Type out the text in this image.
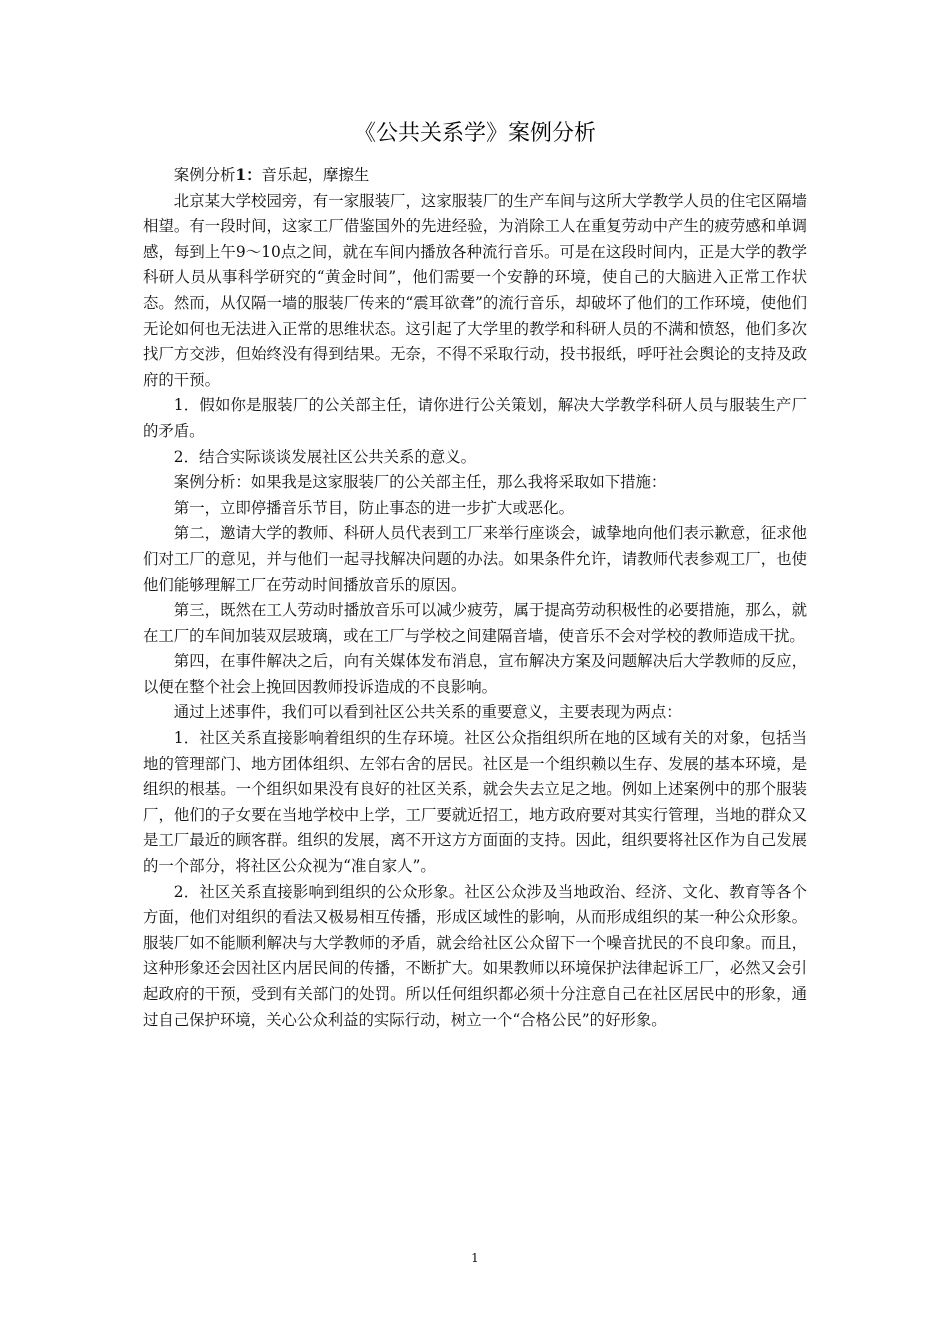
《公共关系学》案例分析

案例分析1：音乐起，摩擦生

北京某大学校园旁，有一家服装厂，这家服装厂的生产车间与这所大学教学人员的住宅区隔墙相望。有一段时间，这家工厂借鉴国外的先进经验，为消除工人在重复劳动中产生的疲劳感和单调感，每到上午9～10点之间，就在车间内播放各种流行音乐。可是在这段时间内，正是大学的教学科研人员从事科学研究的“黄金时间”，他们需要一个安静的环境，使自己的大脑进入正常工作状态。然而，从仅隔一墙的服装厂传来的“震耳欲聋”的流行音乐，却破坏了他们的工作环境，使他们无论如何也无法进入正常的思维状态。这引起了大学里的教学和科研人员的不满和愤怒，他们多次找厂方交涉，但始终没有得到结果。无奈，不得不采取行动，投书报纸，呼吁社会舆论的支持及政府的干预。

1．假如你是服装厂的公关部主任，请你进行公关策划，解决大学教学科研人员与服装生产厂的矛盾。

2．结合实际谈谈发展社区公共关系的意义。

案例分析：如果我是这家服装厂的公关部主任，那么我将采取如下措施：

第一，立即停播音乐节目，防止事态的进一步扩大或恶化。

第二，邀请大学的教师、科研人员代表到工厂来举行座谈会，诚挚地向他们表示歉意，征求他们对工厂的意见，并与他们一起寻找解决问题的办法。如果条件允许，请教师代表参观工厂，也使他们能够理解工厂在劳动时间播放音乐的原因。

第三，既然在工人劳动时播放音乐可以减少疲劳，属于提高劳动积极性的必要措施，那么，就在工厂的车间加装双层玻璃，或在工厂与学校之间建隔音墙，使音乐不会对学校的教师造成干扰。

第四，在事件解决之后，向有关媒体发布消息，宣布解决方案及问题解决后大学教师的反应，以便在整个社会上挽回因教师投诉造成的不良影响。

通过上述事件，我们可以看到社区公共关系的重要意义，主要表现为两点：

1．社区关系直接影响着组织的生存环境。社区公众指组织所在地的区域有关的对象，包括当地的管理部门、地方团体组织、左邻右舍的居民。社区是一个组织赖以生存、发展的基本环境，是组织的根基。一个组织如果没有良好的社区关系，就会失去立足之地。例如上述案例中的那个服装厂，他们的子女要在当地学校中上学，工厂要就近招工，地方政府要对其实行管理，当地的群众又是工厂最近的顾客群。组织的发展，离不开这方方面面的支持。因此，组织要将社区作为自己发展的一个部分，将社区公众视为“准自家人”。

2．社区关系直接影响到组织的公众形象。社区公众涉及当地政治、经济、文化、教育等各个方面，他们对组织的看法又极易相互传播，形成区域性的影响，从而形成组织的某一种公众形象。服装厂如不能顺利解决与大学教师的矛盾，就会给社区公众留下一个噪音扰民的不良印象。而且，这种形象还会因社区内居民间的传播，不断扩大。如果教师以环境保护法律起诉工厂，必然又会引起政府的干预，受到有关部门的处罚。所以任何组织都必须十分注意自己在社区居民中的形象，通过自己保护环境，关心公众利益的实际行动，树立一个“合格公民”的好形象。

1
